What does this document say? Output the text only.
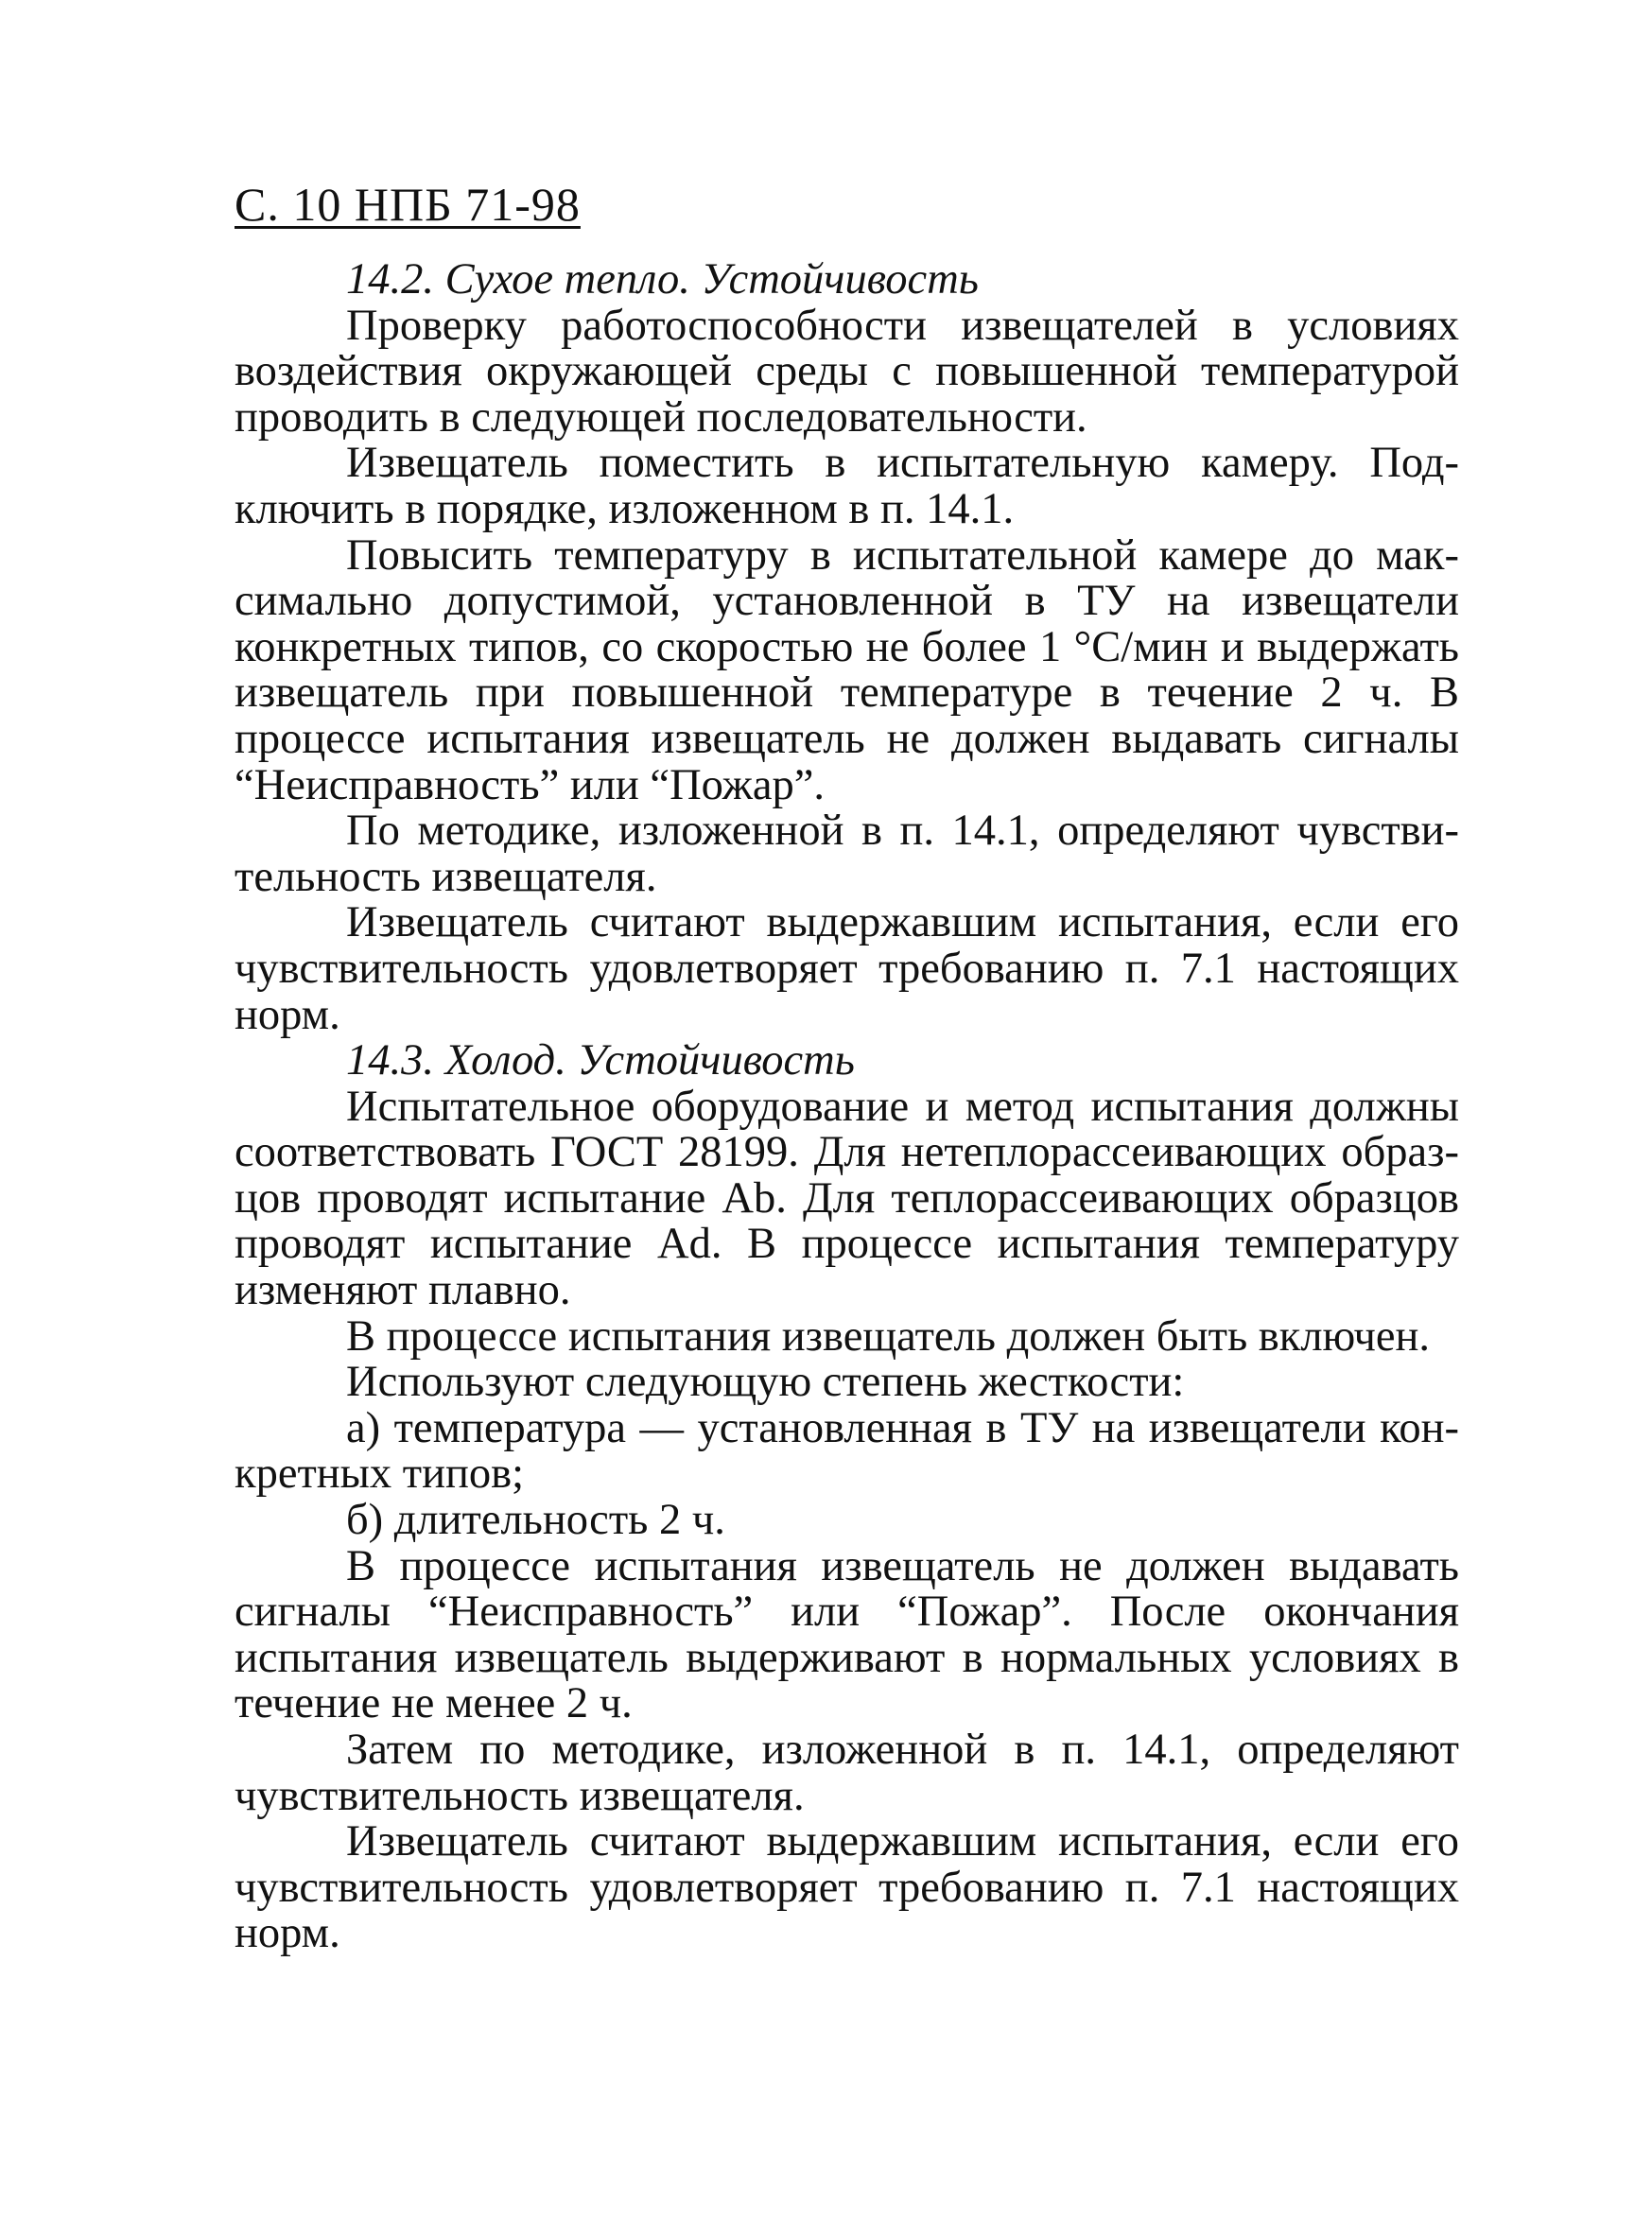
С. 10 НПБ 71-98

14.2. Сухое тепло. Устойчивость

Проверку работоспособности извещателей в условиях воздействия окружающей среды с повышенной температурой проводить в следующей последовательности.

Извещатель поместить в испытательную камеру. Подключить в порядке, изложенном в п. 14.1.

Повысить температуру в испытательной камере до максимально допустимой, установленной в ТУ на извещатели конкретных типов, со скоростью не более 1 °С/мин и выдержать извещатель при повышенной температуре в течение 2 ч. В процессе испытания извещатель не должен выдавать сигналы “Неисправность” или “Пожар”.

По методике, изложенной в п. 14.1, определяют чувствительность извещателя.

Извещатель считают выдержавшим испытания, если его чувствительность удовлетворяет требованию п. 7.1 настоящих норм.

14.3. Холод. Устойчивость

Испытательное оборудование и метод испытания должны соответствовать ГОСТ 28199. Для нетеплорассеивающих образцов проводят испытание Ab. Для теплорассеивающих образцов проводят испытание Ad. В процессе испытания температуру изменяют плавно.

В процессе испытания извещатель должен быть включен.

Используют следующую степень жесткости:

а) температура — установленная в ТУ на извещатели конкретных типов;

б) длительность 2 ч.

В процессе испытания извещатель не должен выдавать сигналы “Неисправность” или “Пожар”. После окончания испытания извещатель выдерживают в нормальных условиях в течение не менее 2 ч.

Затем по методике, изложенной в п. 14.1, определяют чувствительность извещателя.

Извещатель считают выдержавшим испытания, если его чувствительность удовлетворяет требованию п. 7.1 настоящих норм.
